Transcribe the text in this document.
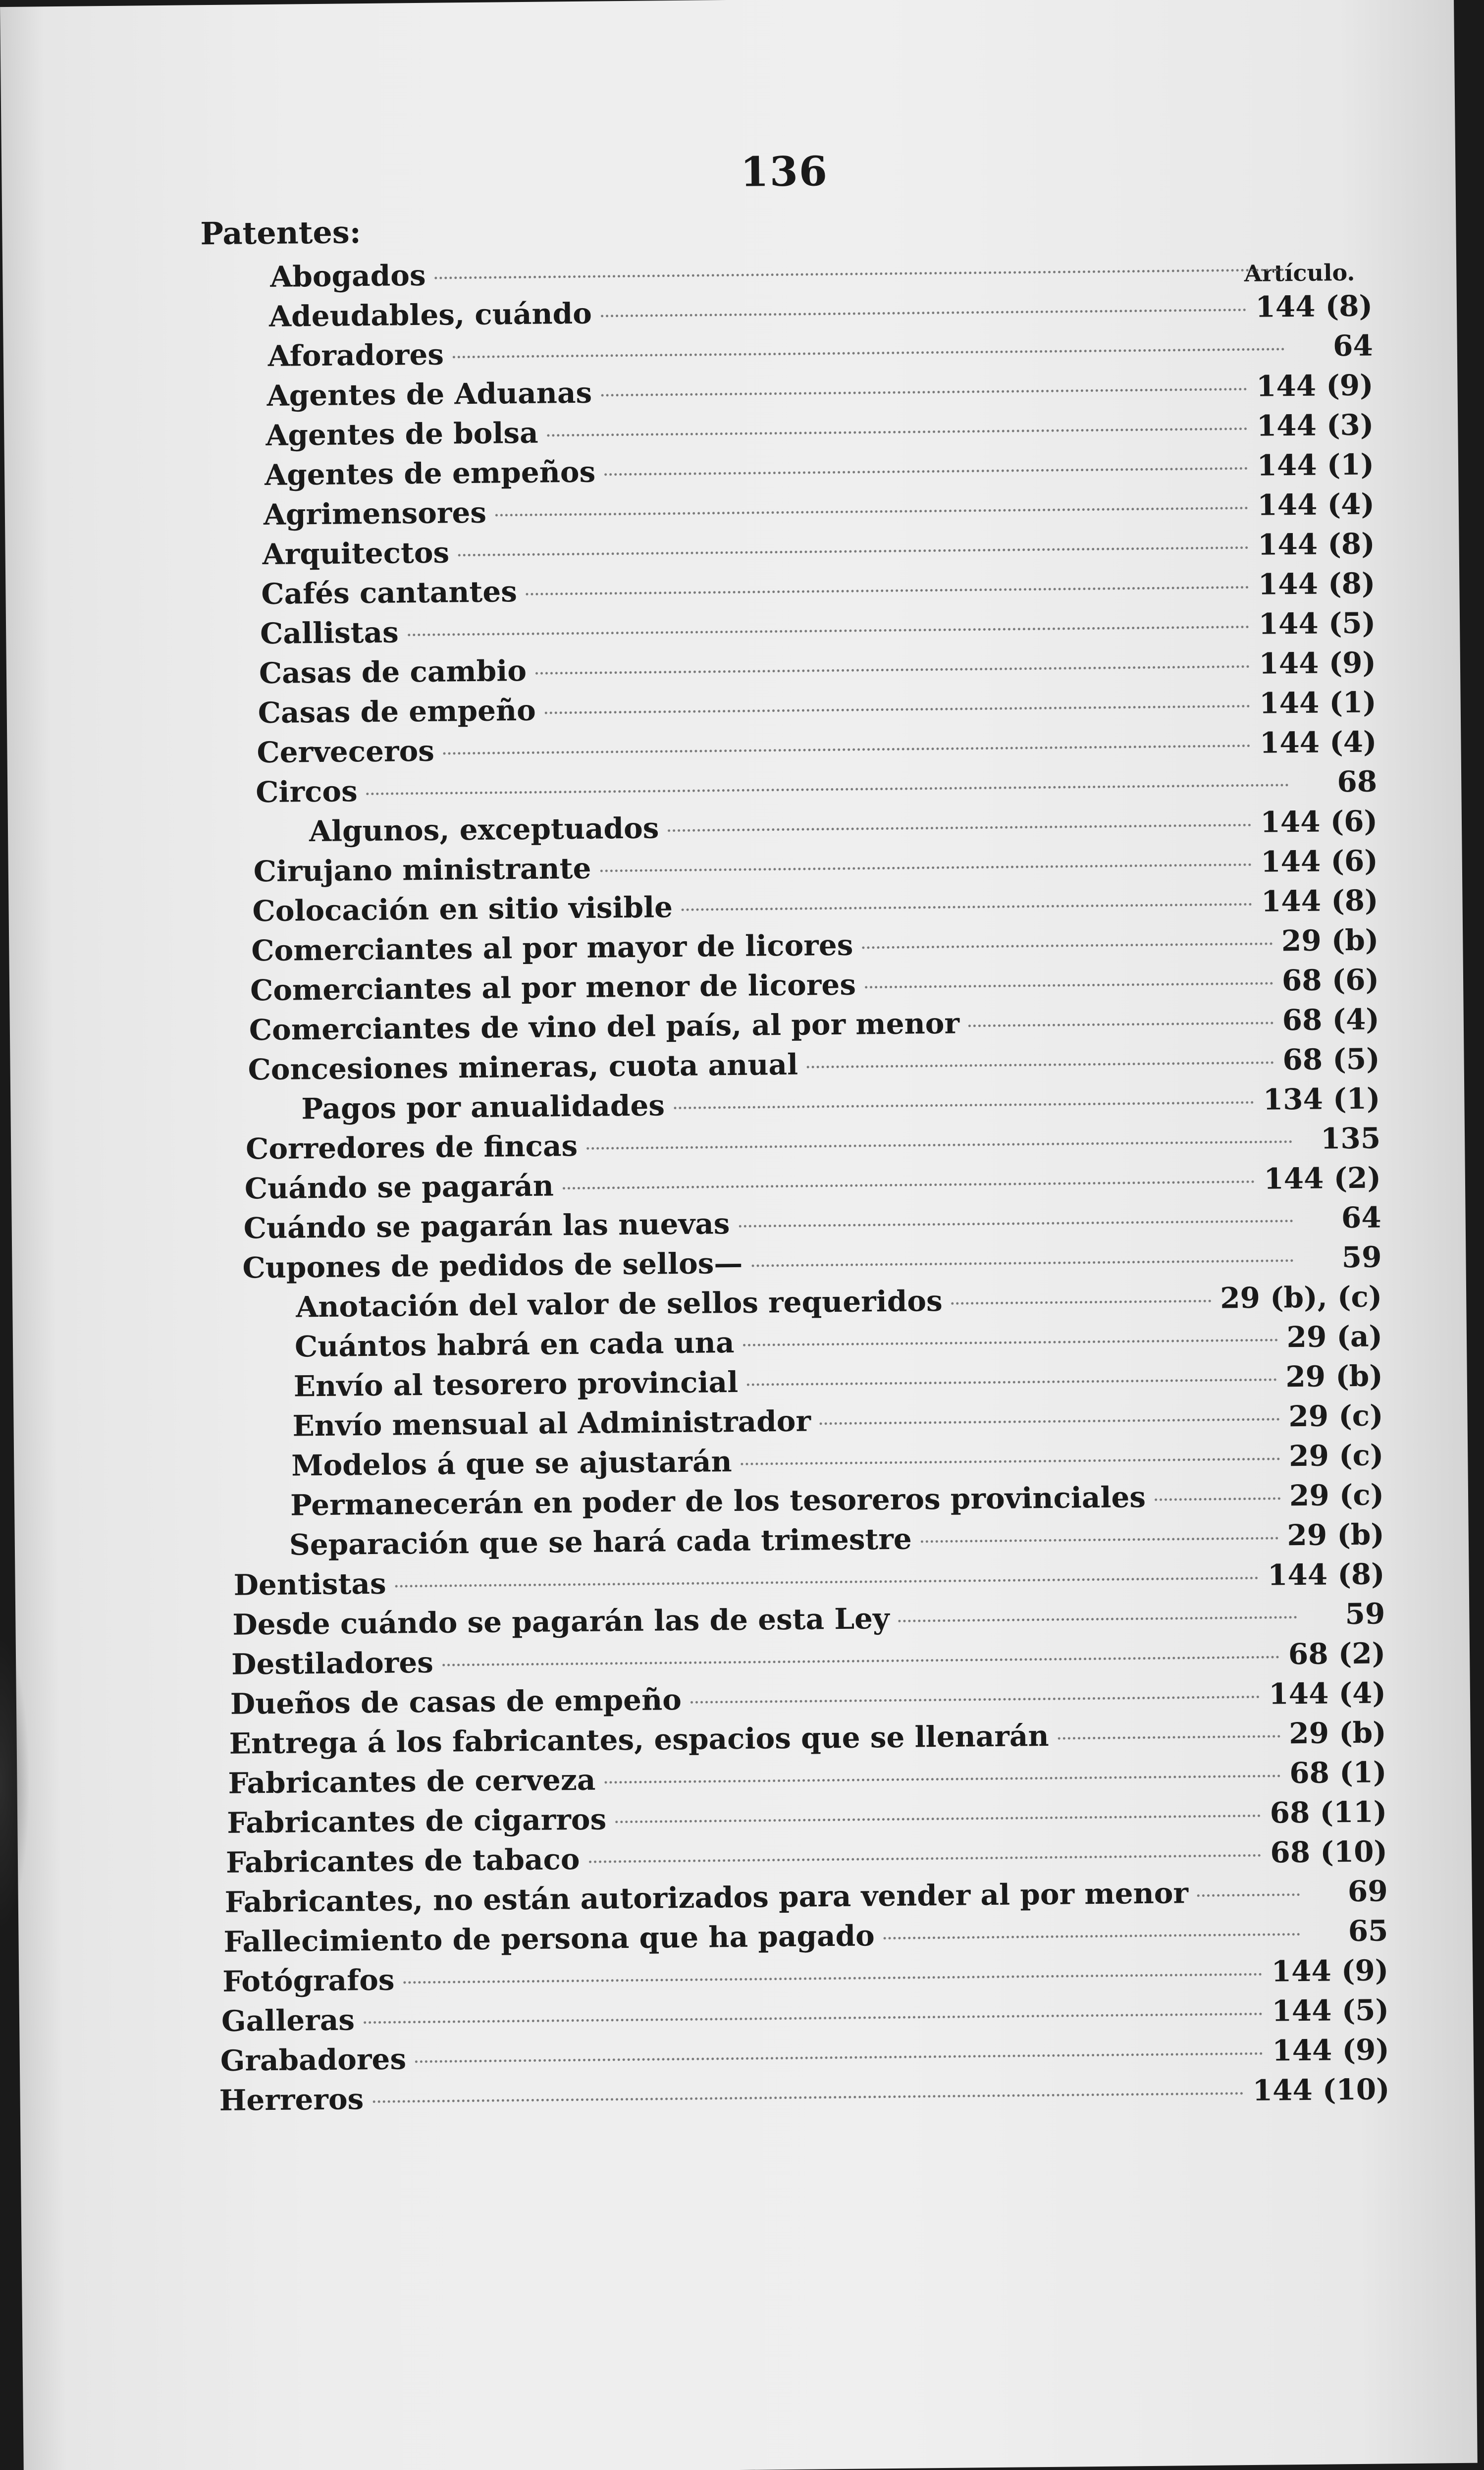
136
Patentes:
Artículo.
Abogados
Adeudables, cuándo	144 (8)
Aforadores	64
Agentes de Aduanas	144 (9)
Agentes de bolsa	144 (3)
Agentes de empeños	144 (1)
Agrimensores	144 (4)
Arquitectos	144 (8)
Cafés cantantes	144 (8)
Callistas	144 (5)
Casas de cambio	144 (9)
Casas de empeño	144 (1)
Cerveceros	144 (4)
Circos	68
Algunos, exceptuados	144 (6)
Cirujano ministrante	144 (6)
Colocación en sitio visible	144 (8)
Comerciantes al por mayor de licores	29 (b)
Comerciantes al por menor de licores	68 (6)
Comerciantes de vino del país, al por menor	68 (4)
Concesiones mineras, cuota anual	68 (5)
Pagos por anualidades	134 (1)
Corredores de fincas	135
Cuándo se pagarán	144 (2)
Cuándo se pagarán las nuevas	64
Cupones de pedidos de sellos—	59
Anotación del valor de sellos requeridos	29 (b), (c)
Cuántos habrá en cada una	29 (a)
Envío al tesorero provincial	29 (b)
Envío mensual al Administrador	29 (c)
Modelos á que se ajustarán	29 (c)
Permanecerán en poder de los tesoreros provinciales	29 (c)
Separación que se hará cada trimestre	29 (b)
Dentistas	144 (8)
Desde cuándo se pagarán las de esta Ley	59
Destiladores	68 (2)
Dueños de casas de empeño	144 (4)
Entrega á los fabricantes, espacios que se llenarán	29 (b)
Fabricantes de cerveza	68 (1)
Fabricantes de cigarros	68 (11)
Fabricantes de tabaco	68 (10)
Fabricantes, no están autorizados para vender al por menor	69
Fallecimiento de persona que ha pagado	65
Fotógrafos	144 (9)
Galleras	144 (5)
Grabadores	144 (9)
Herreros	144 (10)
